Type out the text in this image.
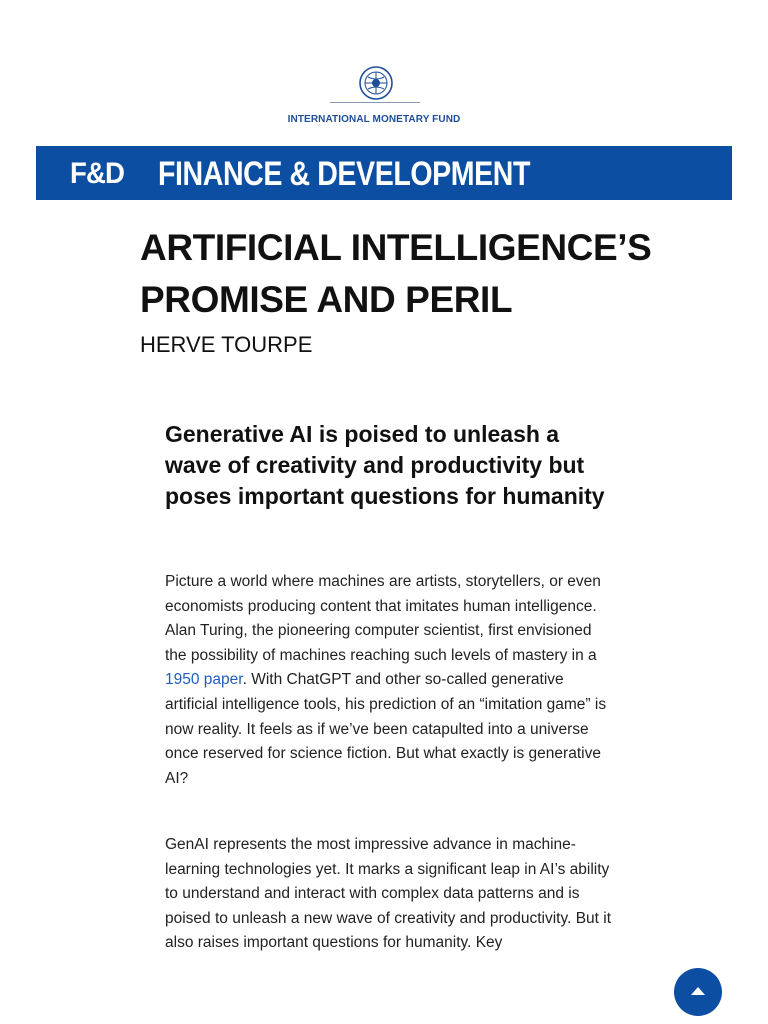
INTERNATIONAL MONETARY FUND
F&D FINANCE & DEVELOPMENT
ARTIFICIAL INTELLIGENCE’S
PROMISE AND PERIL

HERVE TOURPE

Generative AI is poised to unleash a wave of creativity and productivity but poses important questions for humanity

Picture a world where machines are artists, storytellers, or even economists producing content that imitates human intelligence. Alan Turing, the pioneering computer scientist, first envisioned the possibility of machines reaching such levels of mastery in a 1950 paper. With ChatGPT and other so-called generative artificial intelligence tools, his prediction of an “imitation game” is now reality. It feels as if we’ve been catapulted into a universe once reserved for science fiction. But what exactly is generative AI?

GenAI represents the most impressive advance in machine-learning technologies yet. It marks a significant leap in AI’s ability to understand and interact with complex data patterns and is poised to unleash a new wave of creativity and productivity. But it also raises important questions for humanity. Key
